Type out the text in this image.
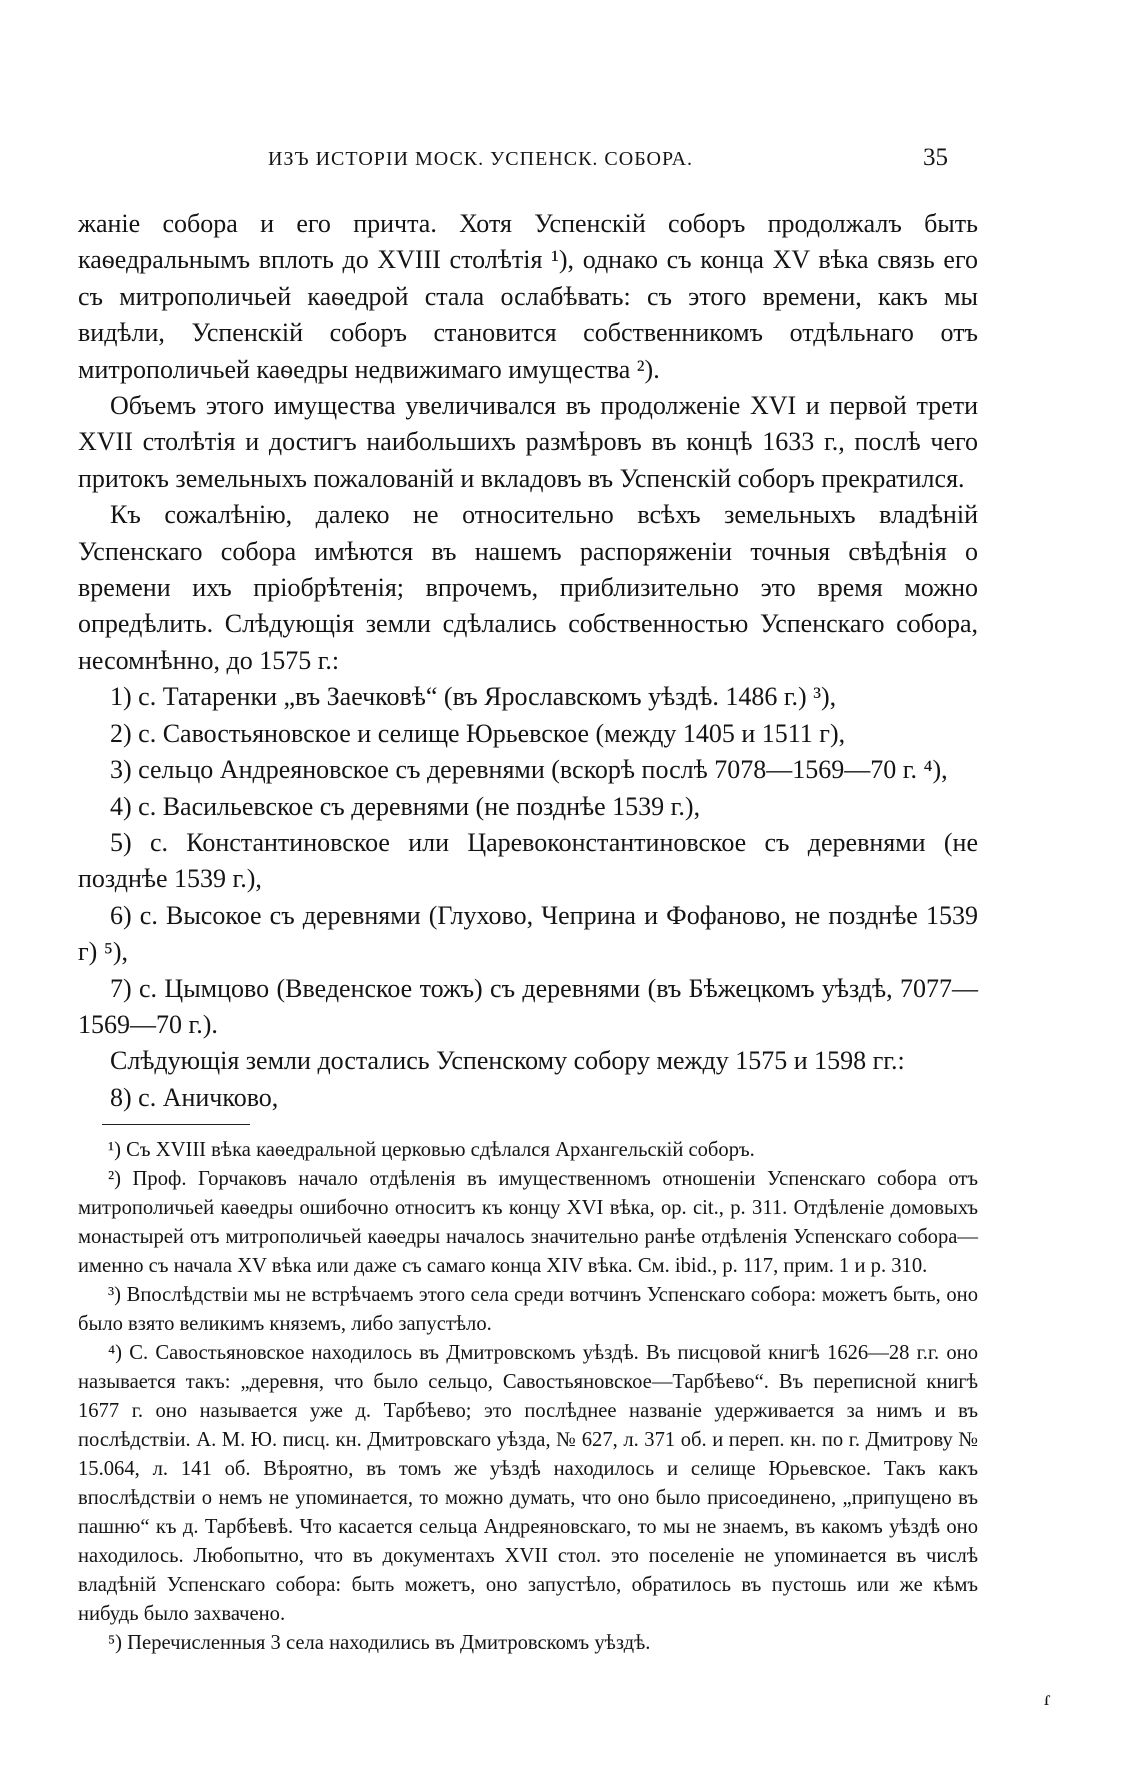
ИЗЪ ИСТОРІИ МОСК. УСПЕНСК. СОБОРА.	35

жаніе собора и его причта. Хотя Успенскій соборъ продолжалъ быть каѳедральнымъ вплоть до XVIII столѣтія ¹), однако съ конца XV вѣка связь его съ митрополичьей каѳедрой стала ослабѣвать: съ этого времени, какъ мы видѣли, Успенскій соборъ становится собственникомъ отдѣльнаго отъ митрополичьей каѳедры недвижимаго имущества ²).

Объемъ этого имущества увеличивался въ продолженіе XVI и первой трети XVII столѣтія и достигъ наибольшихъ размѣровъ въ концѣ 1633 г., послѣ чего притокъ земельныхъ пожалованій и вкладовъ въ Успенскій соборъ прекратился.

Къ сожалѣнію, далеко не относительно всѣхъ земельныхъ владѣній Успенскаго собора имѣются въ нашемъ распоряженіи точныя свѣдѣнія о времени ихъ пріобрѣтенія; впрочемъ, приблизительно это время можно опредѣлить. Слѣдующія земли сдѣлались собственностью Успенскаго собора, несомнѣнно, до 1575 г.:

1) с. Татаренки „въ Заечковѣ“ (въ Ярославскомъ уѣздѣ. 1486 г.) ³),

2) с. Савостьяновское и селище Юрьевское (между 1405 и 1511 г),

3) сельцо Андреяновское съ деревнями (вскорѣ послѣ 7078—1569—70 г. ⁴),

4) с. Васильевское съ деревнями (не позднѣе 1539 г.),

5) с. Константиновское или Царевоконстантиновское съ деревнями (не позднѣе 1539 г.),

6) с. Высокое съ деревнями (Глухово, Чеприна и Фофаново, не позднѣе 1539 г) ⁵),

7) с. Цымцово (Введенское тожъ) съ деревнями (въ Бѣжецкомъ уѣздѣ, 7077—1569—70 г.).

Слѣдующія земли достались Успенскому собору между 1575 и 1598 гг.:

8) с. Аничково,

¹) Съ XVIII вѣка каѳедральной церковью сдѣлался Архангельскій соборъ.

²) Проф. Горчаковъ начало отдѣленія въ имущественномъ отношеніи Успенскаго собора отъ митрополичьей каѳедры ошибочно относитъ къ концу XVI вѣка, op. cit., р. 311. Отдѣленіе домовыхъ монастырей отъ митрополичьей каѳедры началось значительно ранѣе отдѣленія Успенскаго собора—именно съ начала XV вѣка или даже съ самаго конца XIV вѣка. См. ibid., р. 117, прим. 1 и р. 310.

³) Впослѣдствіи мы не встрѣчаемъ этого села среди вотчинъ Успенскаго собора: можетъ быть, оно было взято великимъ княземъ, либо запустѣло.

⁴) С. Савостьяновское находилось въ Дмитровскомъ уѣздѣ. Въ писцовой книгѣ 1626—28 г.г. оно называется такъ: „деревня, что было сельцо, Савостьяновское—Тарбѣево“. Въ переписной книгѣ 1677 г. оно называется уже д. Тарбѣево; это послѣднее названіе удерживается за нимъ и въ послѣдствіи. А. М. Ю. писц. кн. Дмитровскаго уѣзда, № 627, л. 371 об. и переп. кн. по г. Дмитрову № 15.064, л. 141 об. Вѣроятно, въ томъ же уѣздѣ находилось и селище Юрьевское. Такъ какъ впослѣдствіи о немъ не упоминается, то можно думать, что оно было присоединено, „припущено въ пашню“ къ д. Тарбѣевѣ. Что касается сельца Андреяновскаго, то мы не знаемъ, въ какомъ уѣздѣ оно находилось. Любопытно, что въ документахъ XVII стол. это поселеніе не упоминается въ числѣ владѣній Успенскаго собора: быть можетъ, оно запустѣло, обратилось въ пустошь или же кѣмъ нибудь было захвачено.

⁵) Перечисленныя 3 села находились въ Дмитровскомъ уѣздѣ.

ɾ
